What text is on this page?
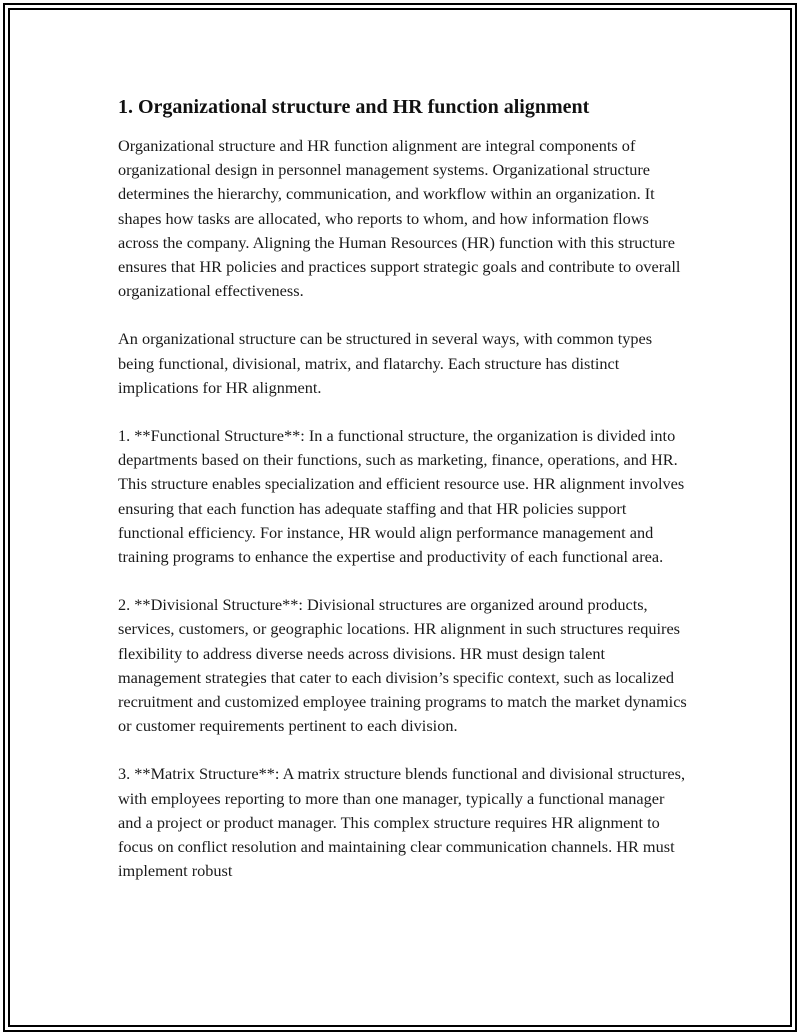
1. Organizational structure and HR function alignment

Organizational structure and HR function alignment are integral components of organizational design in personnel management systems. Organizational structure determines the hierarchy, communication, and workflow within an organization. It shapes how tasks are allocated, who reports to whom, and how information flows across the company. Aligning the Human Resources (HR) function with this structure ensures that HR policies and practices support strategic goals and contribute to overall organizational effectiveness.

An organizational structure can be structured in several ways, with common types being functional, divisional, matrix, and flatarchy. Each structure has distinct implications for HR alignment.

1. **Functional Structure**: In a functional structure, the organization is divided into departments based on their functions, such as marketing, finance, operations, and HR. This structure enables specialization and efficient resource use. HR alignment involves ensuring that each function has adequate staffing and that HR policies support functional efficiency. For instance, HR would align performance management and training programs to enhance the expertise and productivity of each functional area.

2. **Divisional Structure**: Divisional structures are organized around products, services, customers, or geographic locations. HR alignment in such structures requires flexibility to address diverse needs across divisions. HR must design talent management strategies that cater to each division’s specific context, such as localized recruitment and customized employee training programs to match the market dynamics or customer requirements pertinent to each division.

3. **Matrix Structure**: A matrix structure blends functional and divisional structures, with employees reporting to more than one manager, typically a functional manager and a project or product manager. This complex structure requires HR alignment to focus on conflict resolution and maintaining clear communication channels. HR must implement robust
